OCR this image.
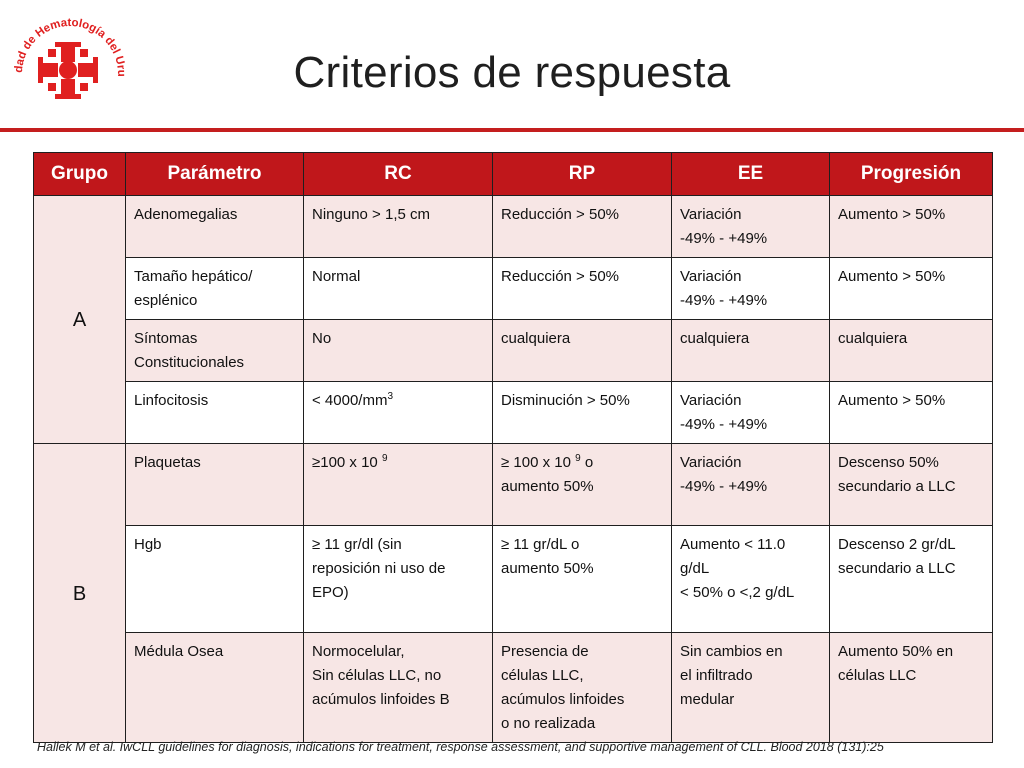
dad de Hematología del Uru	Criterios de respuesta
Grupo	Parámetro	RC	RP	EE	Progresión
A	Adenomegalias	Ninguno > 1,5 cm	Reducción > 50%	Variación
-49% - +49%	Aumento > 50%

	Tamaño hepático/
esplénico	Normal	Reducción > 50%	Variación
-49% - +49%	Aumento > 50%

	Síntomas
Constitucionales	No	cualquiera	cualquiera	cualquiera

	Linfocitosis	< $4000/mm^3$	Disminución > 50%	Variación
-49% - +49%	Aumento > 50%

B	Plaquetas	≥100 x 10 $^9$	≥ 100 x 10 $^9$ o
aumento 50%	Variación
-49% - +49%	Descenso 50%
secundario a LLC

	Hgb	≥ 11 gr/dl (sin
reposición ni uso de
EPO)	≥ 11 gr/dL o
aumento 50%	Aumento < 11.0
g/dL
< 50% o <,2 g/dL	Descenso 2 gr/dL
secundario a LLC

	Médula Osea	Normocelular,
Sin células LLC, no
acúmulos linfoides B	Presencia de
células LLC,
acúmulos linfoides
o no realizada	Sin cambios en
el infiltrado
medular	Aumento 50% en
células LLC
Hallek M et al. IwCLL guidelines for diagnosis, indications for treatment, response assessment, and supportive management of CLL. Blood 2018 (131):25
